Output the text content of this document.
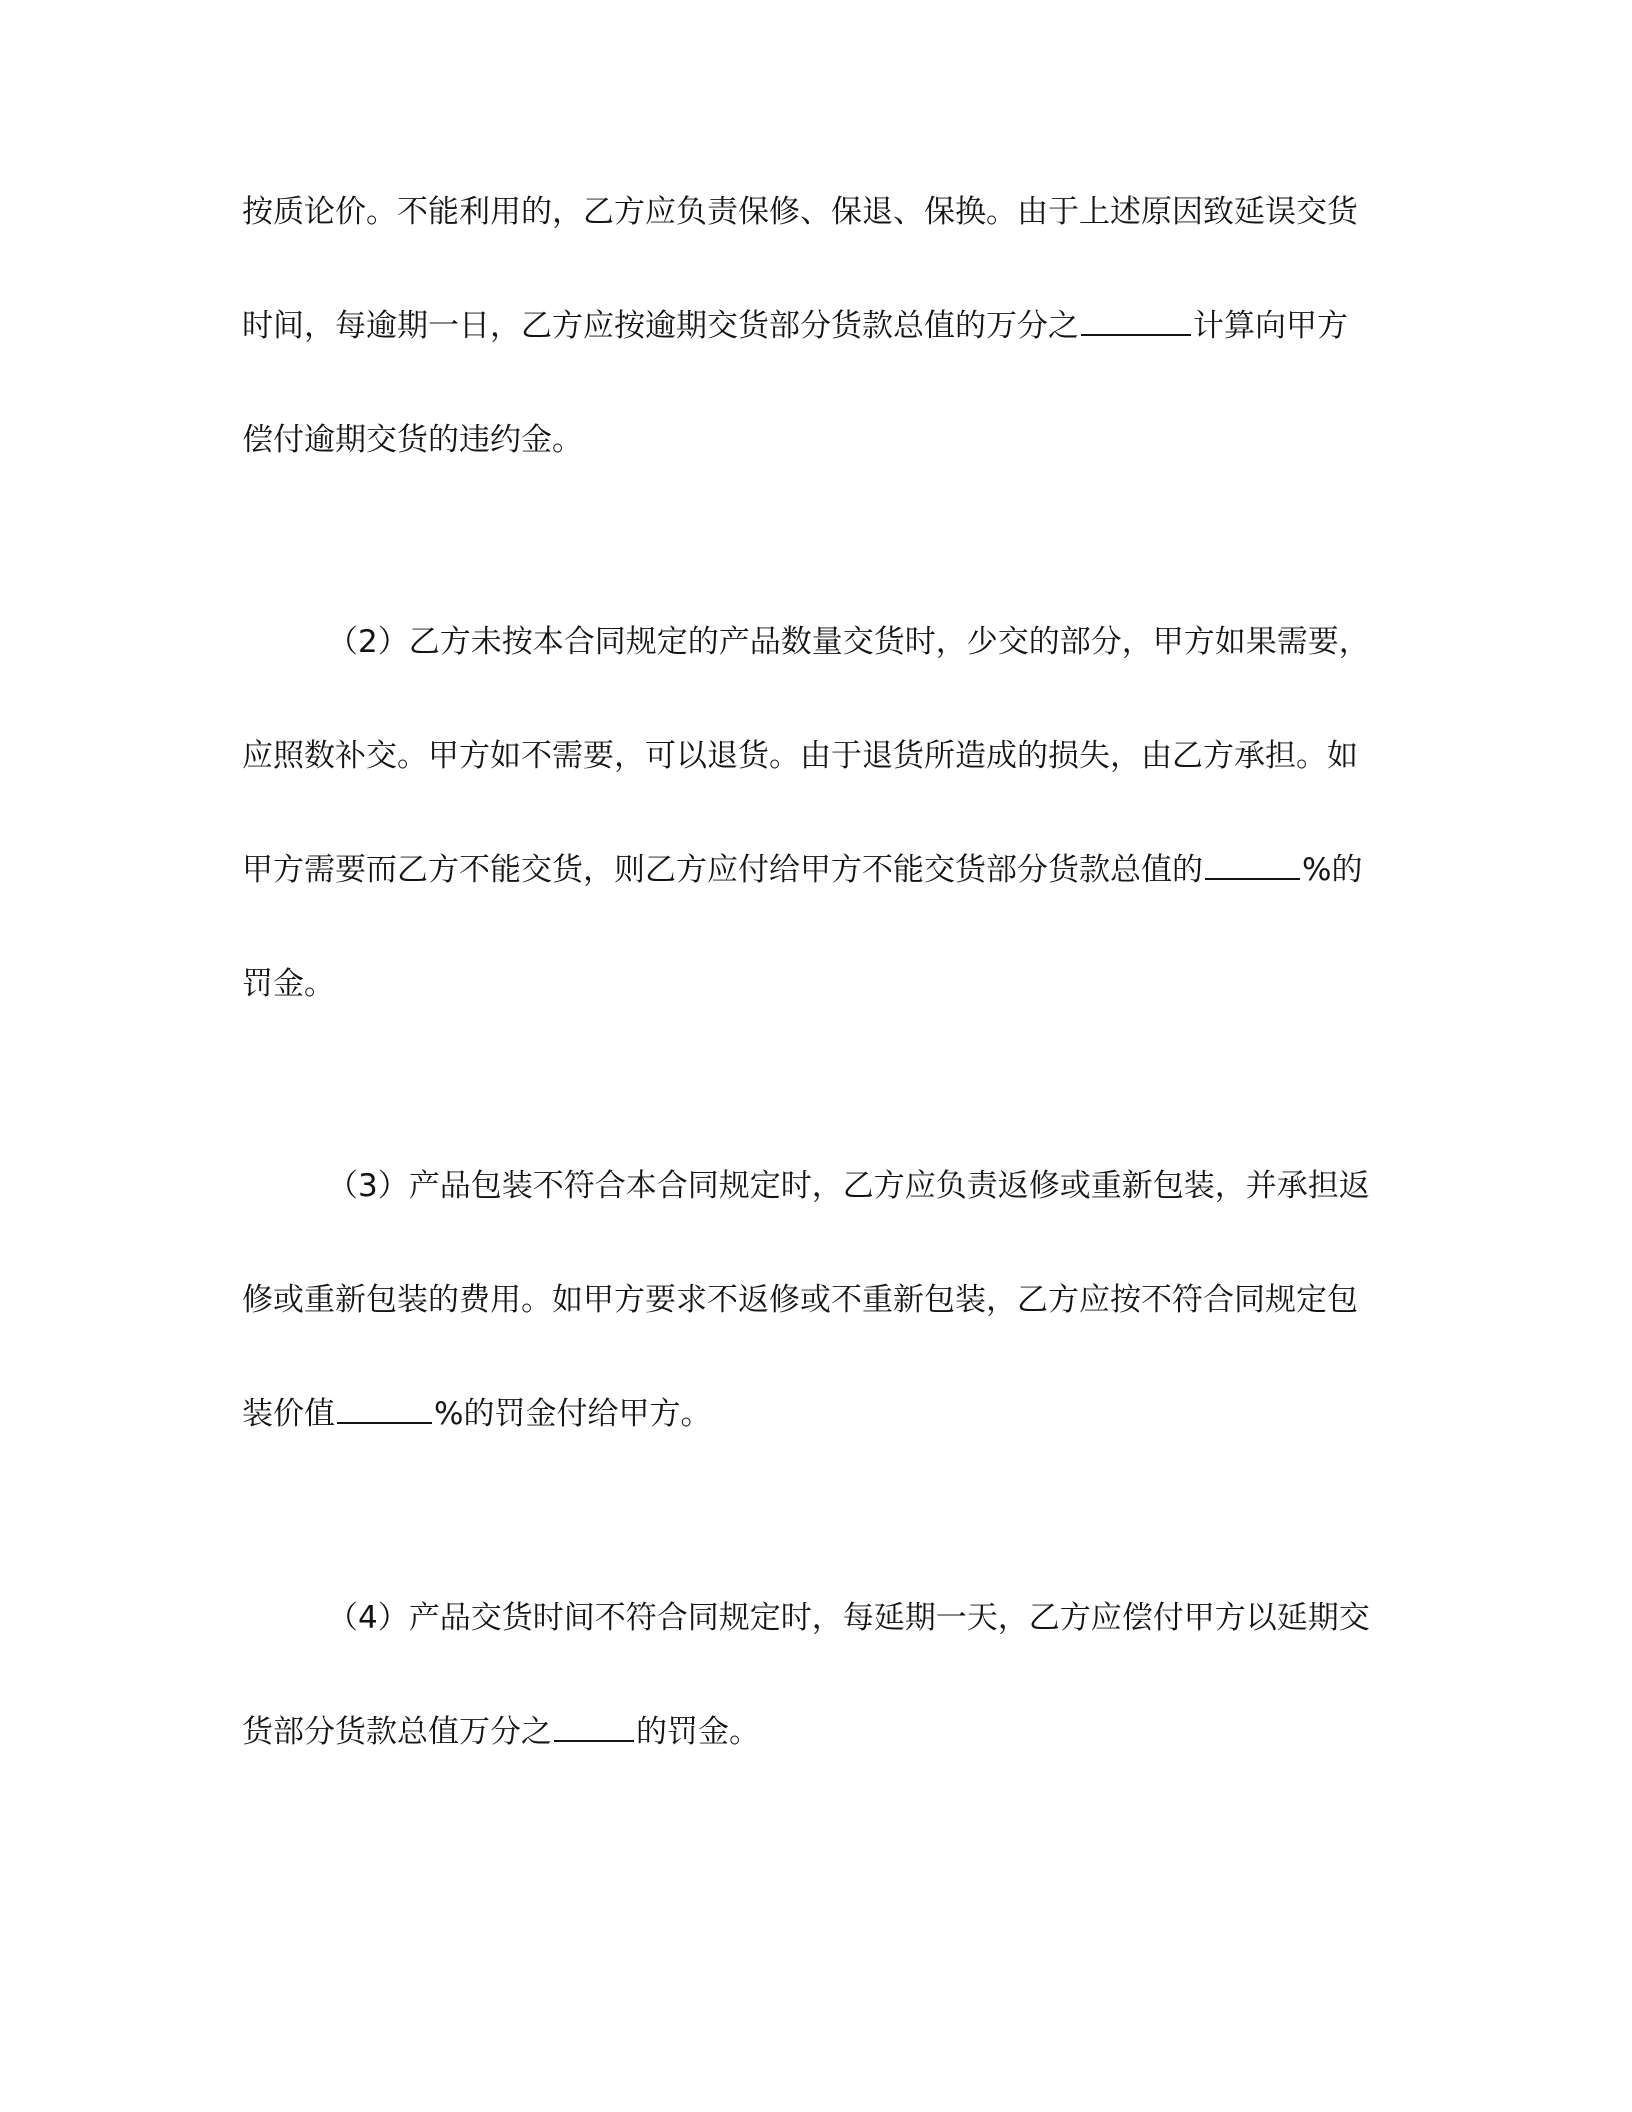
按质论价。不能利用的，乙方应负责保修、保退、保换。由于上述原因致延误交货
时间，每逾期一日，乙方应按逾期交货部分货款总值的万分之	计算向甲方
偿付逾期交货的违约金。
（2）乙方未按本合同规定的产品数量交货时，少交的部分，甲方如果需要，
应照数补交。甲方如不需要，可以退货。由于退货所造成的损失，由乙方承担。如
甲方需要而乙方不能交货，则乙方应付给甲方不能交货部分货款总值的	%的
罚金。
（3）产品包装不符合本合同规定时，乙方应负责返修或重新包装，并承担返
修或重新包装的费用。如甲方要求不返修或不重新包装，乙方应按不符合同规定包
装价值	%的罚金付给甲方。
（4）产品交货时间不符合同规定时，每延期一天，乙方应偿付甲方以延期交
货部分货款总值万分之	的罚金。
